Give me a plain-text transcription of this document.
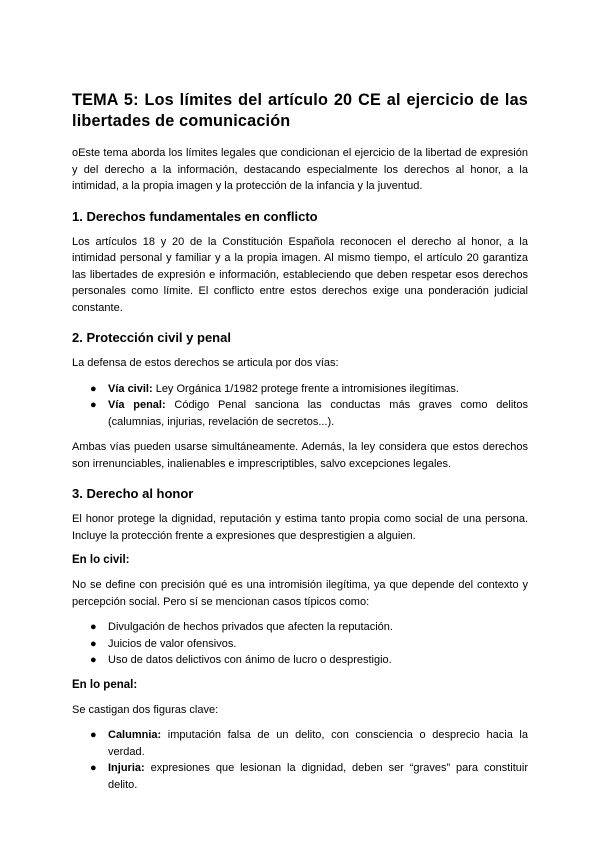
TEMA 5: Los límites del artículo 20 CE al ejercicio de las libertades de comunicación

oEste tema aborda los límites legales que condicionan el ejercicio de la libertad de expresión y del derecho a la información, destacando especialmente los derechos al honor, a la intimidad, a la propia imagen y la protección de la infancia y la juventud.

1. Derechos fundamentales en conflicto

Los artículos 18 y 20 de la Constitución Española reconocen el derecho al honor, a la intimidad personal y familiar y a la propia imagen. Al mismo tiempo, el artículo 20 garantiza las libertades de expresión e información, estableciendo que deben respetar esos derechos personales como límite. El conflicto entre estos derechos exige una ponderación judicial constante.

2. Protección civil y penal

La defensa de estos derechos se articula por dos vías:

● Vía civil: Ley Orgánica 1/1982 protege frente a intromisiones ilegítimas.
● Vía penal: Código Penal sanciona las conductas más graves como delitos (calumnias, injurias, revelación de secretos...).

Ambas vías pueden usarse simultáneamente. Además, la ley considera que estos derechos son irrenunciables, inalienables e imprescriptibles, salvo excepciones legales.

3. Derecho al honor

El honor protege la dignidad, reputación y estima tanto propia como social de una persona. Incluye la protección frente a expresiones que desprestigien a alguien.

En lo civil:

No se define con precisión qué es una intromisión ilegítima, ya que depende del contexto y percepción social. Pero sí se mencionan casos típicos como:

● Divulgación de hechos privados que afecten la reputación.
● Juicios de valor ofensivos.
● Uso de datos delictivos con ánimo de lucro o desprestigio.
En lo penal:

Se castigan dos figuras clave:

● Calumnia: imputación falsa de un delito, con consciencia o desprecio hacia la verdad.
● Injuria: expresiones que lesionan la dignidad, deben ser “graves” para constituir delito.
